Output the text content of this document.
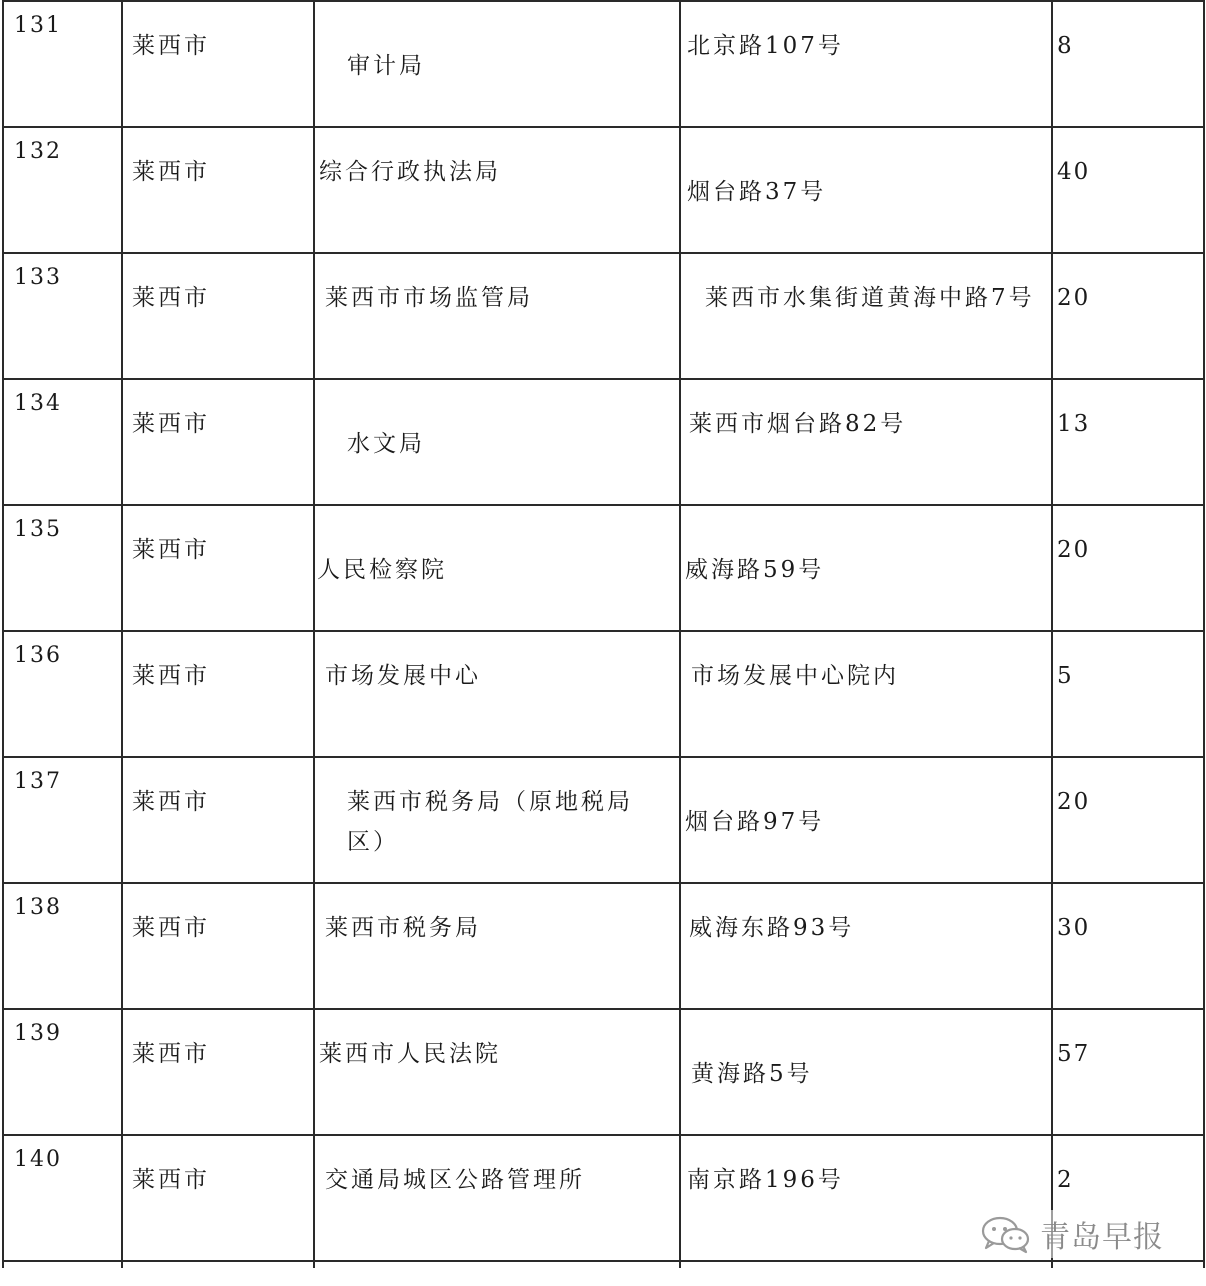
131	莱西市	审计局	北京路107号	8

132	莱西市	综合行政执法局	烟台路37号	40

133	莱西市	莱西市市场监管局	莱西市水集街道黄海中路7号	20

134	莱西市	水文局	莱西市烟台路82号	13

135	莱西市	人民检察院	威海路59号	20

136	莱西市	市场发展中心	市场发展中心院内	5

137	莱西市	莱西市税务局（原地税局区）	烟台路97号	20

138	莱西市	莱西市税务局	威海东路93号	30

139	莱西市	莱西市人民法院	黄海路5号	57

140	莱西市	交通局城区公路管理所	南京路196号	2

青岛早报
